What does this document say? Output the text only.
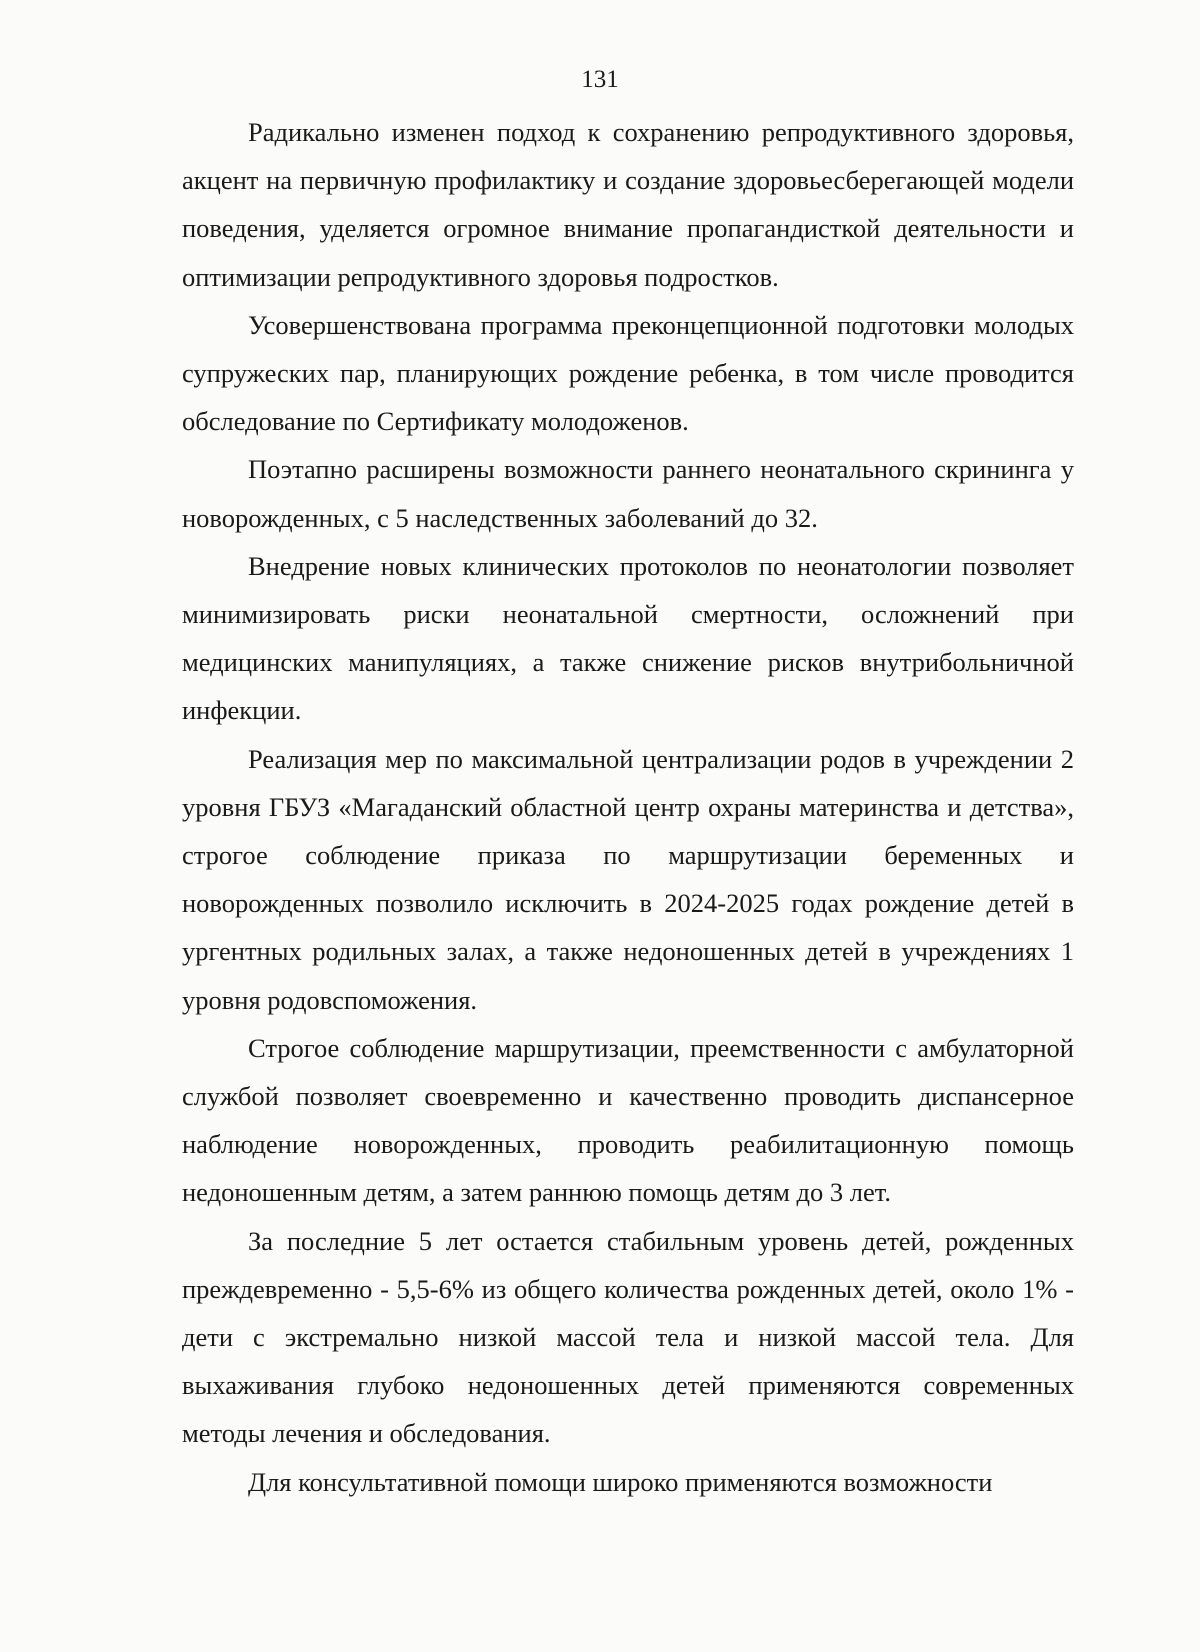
131

Радикально изменен подход к сохранению репродуктивного здоровья, акцент на первичную профилактику и создание здоровьесберегающей модели поведения, уделяется огромное внимание пропагандисткой деятельности и оптимизации репродуктивного здоровья подростков.

Усовершенствована программа преконцепционной подготовки молодых супружеских пар, планирующих рождение ребенка, в том числе проводится обследование по Сертификату молодоженов.

Поэтапно расширены возможности раннего неонатального скрининга у новорожденных, с 5 наследственных заболеваний до 32.

Внедрение новых клинических протоколов по неонатологии позволяет минимизировать риски неонатальной смертности, осложнений при медицинских манипуляциях, а также снижение рисков внутрибольничной инфекции.

Реализация мер по максимальной централизации родов в учреждении 2 уровня ГБУЗ «Магаданский областной центр охраны материнства и детства», строгое соблюдение приказа по маршрутизации беременных и новорожденных позволило исключить в 2024-2025 годах рождение детей в ургентных родильных залах, а также недоношенных детей в учреждениях 1 уровня родовспоможения.

Строгое соблюдение маршрутизации, преемственности с амбулаторной службой позволяет своевременно и качественно проводить диспансерное наблюдение новорожденных, проводить реабилитационную помощь недоношенным детям, а затем раннюю помощь детям до 3 лет.

За последние 5 лет остается стабильным уровень детей, рожденных преждевременно - 5,5-6% из общего количества рожденных детей, около 1% - дети с экстремально низкой массой тела и низкой массой тела. Для выхаживания глубоко недоношенных детей применяются современных методы лечения и обследования.

Для консультативной помощи широко применяются возможности
